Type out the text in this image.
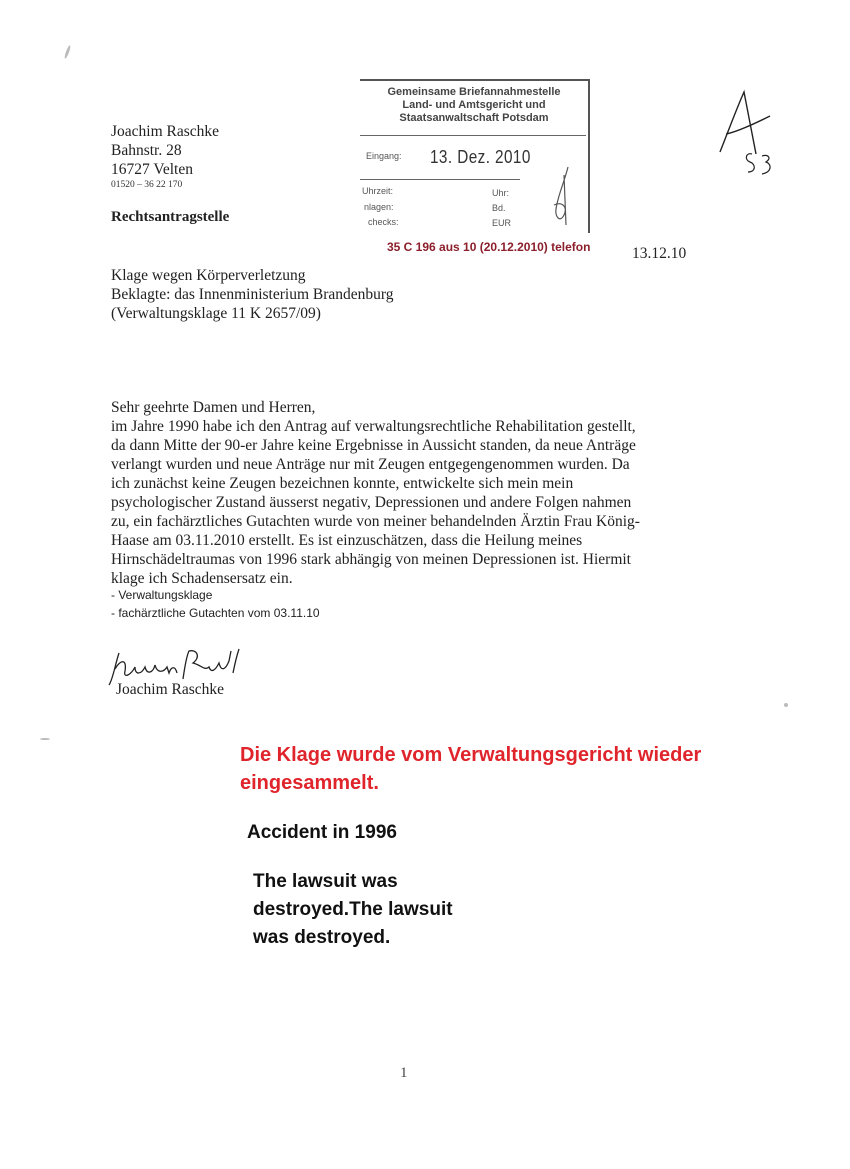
Joachim Raschke
Bahnstr. 28
16727 Velten
01520 – 36 22 170
Rechtsantragstelle
Gemeinsame Briefannahmestelle
Land- und Amtsgericht und
Staatsanwaltschaft Potsdam
Eingang: 13. Dez. 2010
Uhrzeit:	Uhr:
nlagen:	Bd.
checks:	EUR
35 C 196 aus 10 (20.12.2010) telefon	13.12.10
Klage wegen Körperverletzung
Beklagte: das Innenministerium Brandenburg
(Verwaltungsklage 11 K 2657/09)
Sehr geehrte Damen und Herren,
im Jahre 1990 habe ich den Antrag auf verwaltungsrechtliche Rehabilitation gestellt,
da dann Mitte der 90-er Jahre keine Ergebnisse in Aussicht standen, da neue Anträge
verlangt wurden und neue Anträge nur mit Zeugen entgegengenommen wurden. Da
ich zunächst keine Zeugen bezeichnen konnte, entwickelte sich mein mein
psychologischer Zustand äusserst negativ, Depressionen und andere Folgen nahmen
zu, ein fachärztliches Gutachten wurde von meiner behandelnden Ärztin Frau König-
Haase am 03.11.2010 erstellt. Es ist einzuschätzen, dass die Heilung meines
Hirnschädeltraumas von 1996 stark abhängig von meinen Depressionen ist. Hiermit
klage ich Schadensersatz ein.
- Verwaltungsklage
- fachärztliche Gutachten vom 03.11.10
Joachim Raschke
Die Klage wurde vom Verwaltungsgericht wieder eingesammelt.
Accident in 1996
The lawsuit was destroyed.The lawsuit was destroyed.
1
